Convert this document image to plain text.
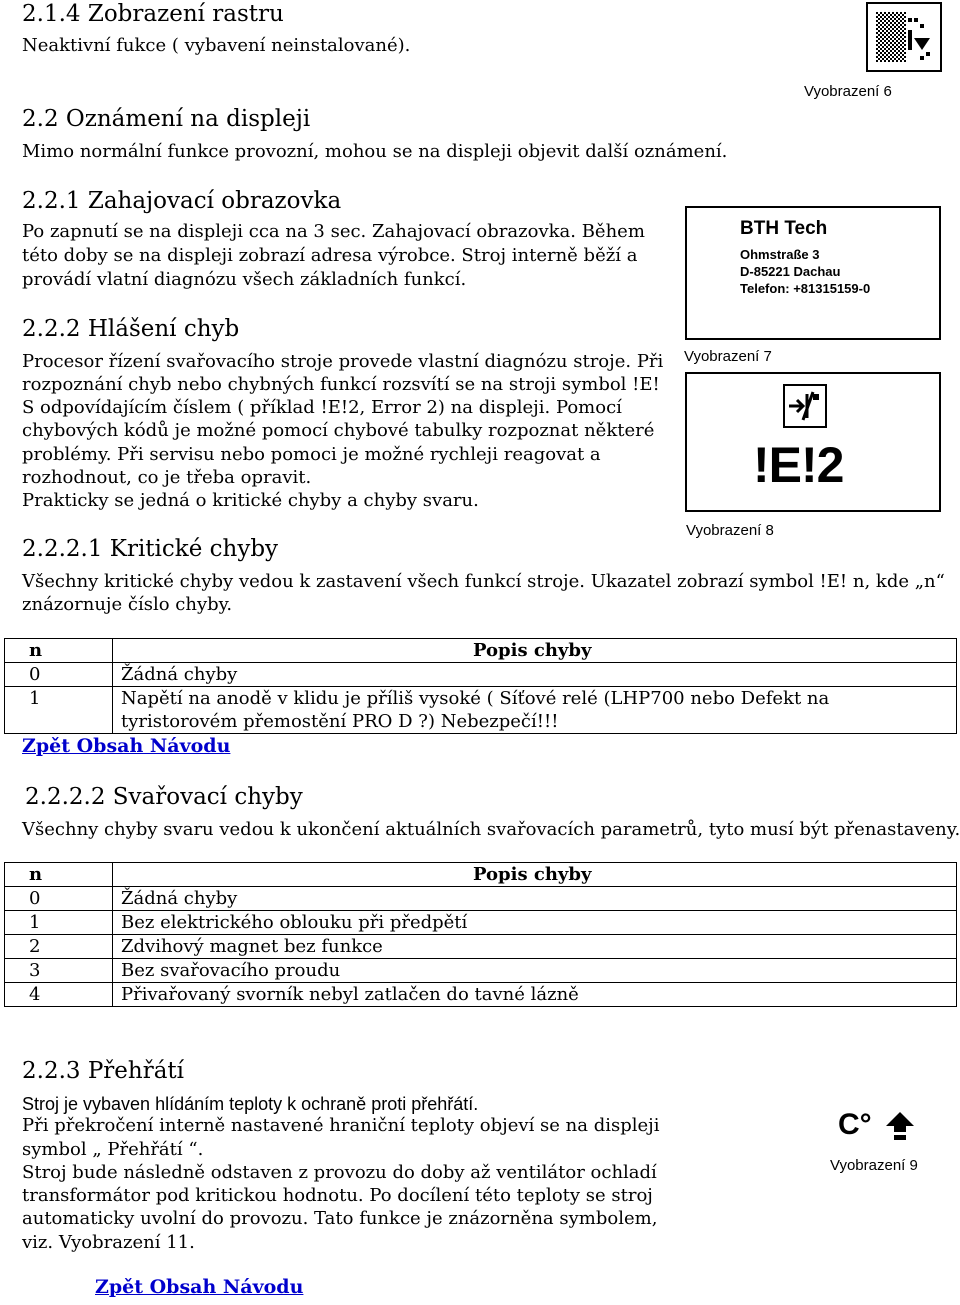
2.1.4 Zobrazení rastru
Neaktivní fukce ( vybavení neinstalované).
Vyobrazení 6
2.2 Oznámení na displeji
Mimo normální funkce provozní, mohou se na displeji objevit další oznámení.
2.2.1 Zahajovací obrazovka
Po zapnutí se na displeji cca na 3 sec. Zahajovací obrazovka. Během
této doby se na displeji zobrazí adresa výrobce. Stroj interně běží a
provádí vlatní diagnózu všech základních funkcí.
BTH Tech
Ohmstraße 3
D-85221 Dachau
Telefon: +81315159-0
Vyobrazení 7
2.2.2 Hlášení chyb
Procesor řízení svařovacího stroje provede vlastní diagnózu stroje. Při
rozpoznání chyb nebo chybných funkcí rozsvítí se na stroji symbol !E!
S odpovídajícím číslem ( příklad !E!2, Error 2) na displeji. Pomocí
chybových kódů je možné pomocí chybové tabulky rozpoznat některé
problémy. Při servisu nebo pomoci je možné rychleji reagovat a
rozhodnout, co je třeba opravit.
Prakticky se jedná o kritické chyby a chyby svaru.
!E!2
Vyobrazení 8
2.2.2.1 Kritické chyby
Všechny kritické chyby vedou k zastavení všech funkcí stroje. Ukazatel zobrazí symbol !E! n, kde „n“
znázornuje číslo chyby.
n	Popis chyby
0	Žádná chyby
1	Napětí na anodě v klidu je příliš vysoké ( Síťové relé (LHP700 nebo Defekt na tyristorovém přemostění PRO D ?) Nebezpečí!!!
Zpět Obsah Návodu
2.2.2.2 Svařovací chyby
Všechny chyby svaru vedou k ukončení aktuálních svařovacích parametrů, tyto musí být přenastaveny.
n	Popis chyby
0	Žádná chyby
1	Bez elektrického oblouku při předpětí
2	Zdvihový magnet bez funkce
3	Bez svařovacího proudu
4	Přivařovaný svorník nebyl zatlačen do tavné lázně
2.2.3 Přehřátí
Stroj je vybaven hlídáním teploty k ochraně proti přehřátí.
Při překročení interně nastavené hraniční teploty objeví se na displeji
symbol „ Přehřátí “.
Stroj bude následně odstaven z provozu do doby až ventilátor ochladí
transformátor pod kritickou hodnotu. Po docílení této teploty se stroj
automaticky uvolní do provozu. Tato funkce je znázorněna symbolem,
viz. Vyobrazení 11.
C°
Vyobrazení 9
Zpět Obsah Návodu
